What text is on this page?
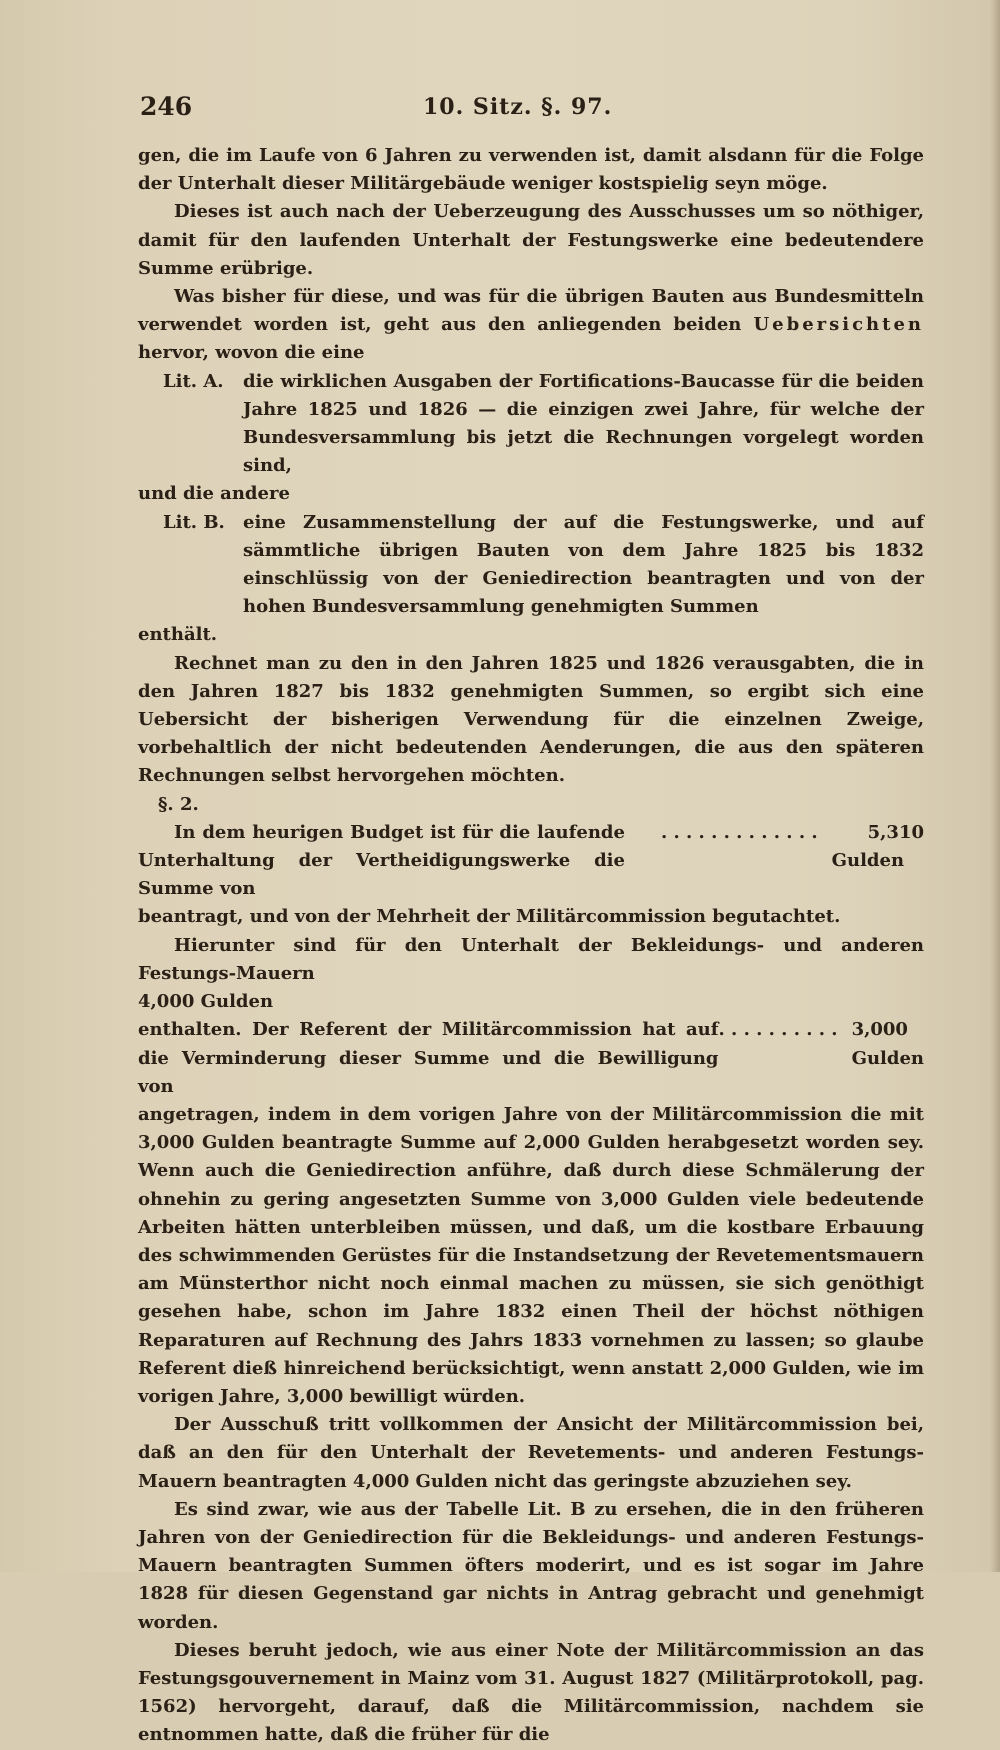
246	10. Sitz. §. 97.

gen, die im Laufe von 6 Jahren zu verwenden ist, damit alsdann für die Folge der Unterhalt dieser Militärgebäude weniger kostspielig seyn möge.

Dieses ist auch nach der Ueberzeugung des Ausschusses um so nöthiger, damit für den laufenden Unterhalt der Festungswerke eine bedeutendere Summe erübrige.

Was bisher für diese, und was für die übrigen Bauten aus Bundesmitteln verwendet worden ist, geht aus den anliegenden beiden Uebersichten hervor, wovon die eine

Lit. A.	die wirklichen Ausgaben der Fortifications-Baucasse für die beiden Jahre 1825 und 1826 — die einzigen zwei Jahre, für welche der Bundesversammlung bis jetzt die Rechnungen vorgelegt worden sind,

und die andere

Lit. B.	eine Zusammenstellung der auf die Festungswerke, und auf sämmtliche übrigen Bauten von dem Jahre 1825 bis 1832 einschlüssig von der Geniedirection beantragten und von der hohen Bundesversammlung genehmigten Summen

enthält.

Rechnet man zu den in den Jahren 1825 und 1826 verausgabten, die in den Jahren 1827 bis 1832 genehmigten Summen, so ergibt sich eine Uebersicht der bisherigen Verwendung für die einzelnen Zweige, vorbehaltlich der nicht bedeutenden Aenderungen, die aus den späteren Rechnungen selbst hervorgehen möchten.

§. 2.

In dem heurigen Budget ist für die laufende Unterhaltung der Vertheidigungswerke die Summe von
. . . . . . . . . . . . .	5,310 Gulden

beantragt, und von der Mehrheit der Militärcommission begutachtet.

Hierunter sind für den Unterhalt der Bekleidungs- und anderen Festungs-Mauern

4,000 Gulden

enthalten. Der Referent der Militärcommission hat auf die Verminderung dieser Summe und die Bewilligung von
. . . . . . . . . . 3,000 Gulden

angetragen, indem in dem vorigen Jahre von der Militärcommission die mit 3,000 Gulden beantragte Summe auf 2,000 Gulden herabgesetzt worden sey. Wenn auch die Geniedirection anführe, daß durch diese Schmälerung der ohnehin zu gering angesetzten Summe von 3,000 Gulden viele bedeutende Arbeiten hätten unterbleiben müssen, und daß, um die kostbare Erbauung des schwimmenden Gerüstes für die Instandsetzung der Revetementsmauern am Münsterthor nicht noch einmal machen zu müssen, sie sich genöthigt gesehen habe, schon im Jahre 1832 einen Theil der höchst nöthigen Reparaturen auf Rechnung des Jahrs 1833 vornehmen zu lassen; so glaube Referent dieß hinreichend berücksichtigt, wenn anstatt 2,000 Gulden, wie im vorigen Jahre, 3,000 bewilligt würden.

Der Ausschuß tritt vollkommen der Ansicht der Militärcommission bei, daß an den für den Unterhalt der Revetements- und anderen Festungs-Mauern beantragten 4,000 Gulden nicht das geringste abzuziehen sey.

Es sind zwar, wie aus der Tabelle Lit. B zu ersehen, die in den früheren Jahren von der Geniedirection für die Bekleidungs- und anderen Festungs-Mauern beantragten Summen öfters moderirt, und es ist sogar im Jahre 1828 für diesen Gegenstand gar nichts in Antrag gebracht und genehmigt worden.

Dieses beruht jedoch, wie aus einer Note der Militärcommission an das Festungsgouvernement in Mainz vom 31. August 1827 (Militärprotokoll, pag. 1562) hervorgeht, darauf, daß die Militärcommission, nachdem sie entnommen hatte, daß die früher für die
